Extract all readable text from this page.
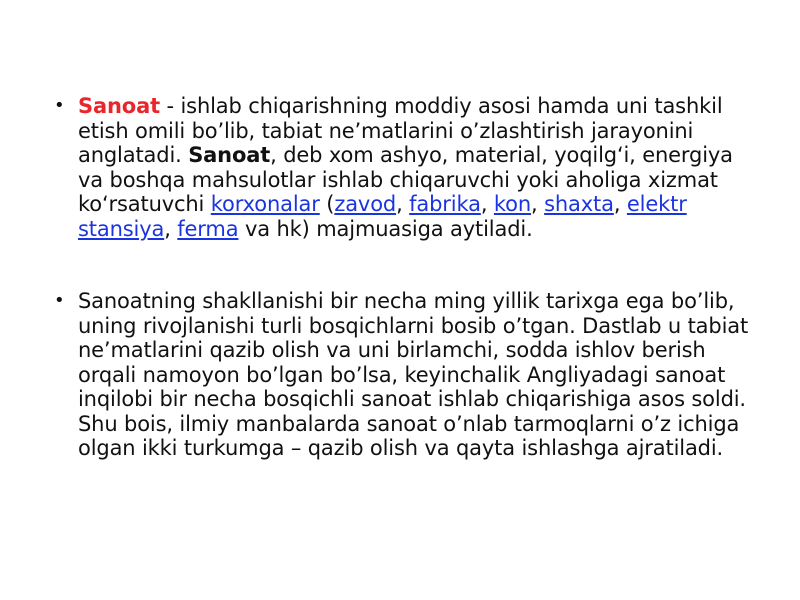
• Sanoat - ishlab chiqarishning moddiy asosi hamda uni tashkil etish omili bo’lib, tabiat ne’matlarini o’zlashtirish jarayonini anglatadi. Sanoat, deb xom ashyo, material, yoqilg‘i, energiya va boshqa mahsulotlar ishlab chiqaruvchi yoki aholiga xizmat ko‘rsatuvchi korxonalar (zavod, fabrika, kon, shaxta, elektr stansiya, ferma va hk) majmuasiga aytiladi.
• Sanoatning shakllanishi bir necha ming yillik tarixga ega bo’lib, uning rivojlanishi turli bosqichlarni bosib o’tgan. Dastlab u tabiat ne’matlarini qazib olish va uni birlamchi, sodda ishlov berish orqali namoyon bo’lgan bo’lsa, keyinchalik Angliyadagi sanoat inqilobi bir necha bosqichli sanoat ishlab chiqarishiga asos soldi. Shu bois, ilmiy manbalarda sanoat o’nlab tarmoqlarni o’z ichiga olgan ikki turkumga – qazib olish va qayta ishlashga ajratiladi.
